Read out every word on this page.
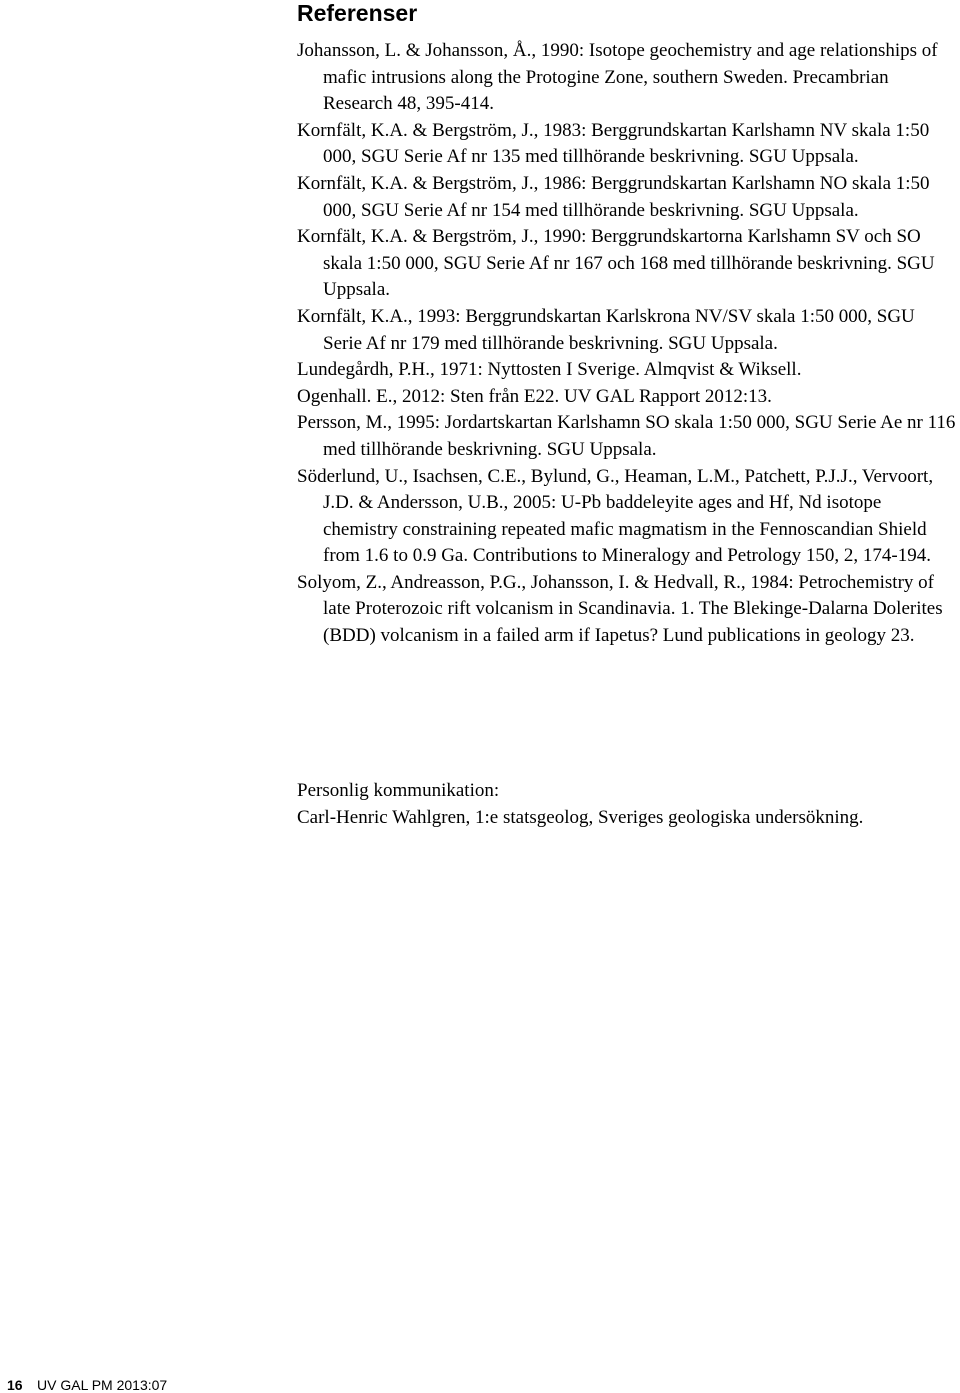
Referenser
Johansson, L. & Johansson, Å., 1990: Isotope geochemistry and age relationships of mafic intrusions along the Protogine Zone, southern Sweden. Precambrian Research 48, 395-414.
Kornfält, K.A. & Bergström, J., 1983: Berggrundskartan Karlshamn NV skala 1:50 000, SGU Serie Af nr 135 med tillhörande beskrivning. SGU Uppsala.
Kornfält, K.A. & Bergström, J., 1986: Berggrundskartan Karlshamn NO skala 1:50 000, SGU Serie Af nr 154 med tillhörande beskrivning. SGU Uppsala.
Kornfält, K.A. & Bergström, J., 1990: Berggrundskartorna Karlshamn SV och SO skala 1:50 000, SGU Serie Af nr 167 och 168 med tillhörande beskrivning. SGU Uppsala.
Kornfält, K.A., 1993: Berggrundskartan Karlskrona NV/SV skala 1:50 000, SGU Serie Af nr 179 med tillhörande beskrivning. SGU Uppsala.
Lundegårdh, P.H., 1971: Nyttosten I Sverige. Almqvist & Wiksell.
Ogenhall. E., 2012: Sten från E22. UV GAL Rapport 2012:13.
Persson, M., 1995: Jordartskartan Karlshamn SO skala 1:50 000, SGU Serie Ae nr 116 med tillhörande beskrivning. SGU Uppsala.
Söderlund, U., Isachsen, C.E., Bylund, G., Heaman, L.M., Patchett, P.J.J., Vervoort, J.D. & Andersson, U.B., 2005: U-Pb baddeleyite ages and Hf, Nd isotope chemistry constraining repeated mafic magmatism in the Fennoscandian Shield from 1.6 to 0.9 Ga. Contributions to Mineralogy and Petrology 150, 2, 174-194.
Solyom, Z., Andreasson, P.G., Johansson, I. & Hedvall, R., 1984: Petrochemistry of late Proterozoic rift volcanism in Scandinavia. 1. The Blekinge-Dalarna Dolerites (BDD) volcanism in a failed arm if Iapetus? Lund publications in geology 23.

Personlig kommunikation:

Carl-Henric Wahlgren, 1:e statsgeolog, Sveriges geologiska undersökning.

16 UV GAL PM 2013:07
